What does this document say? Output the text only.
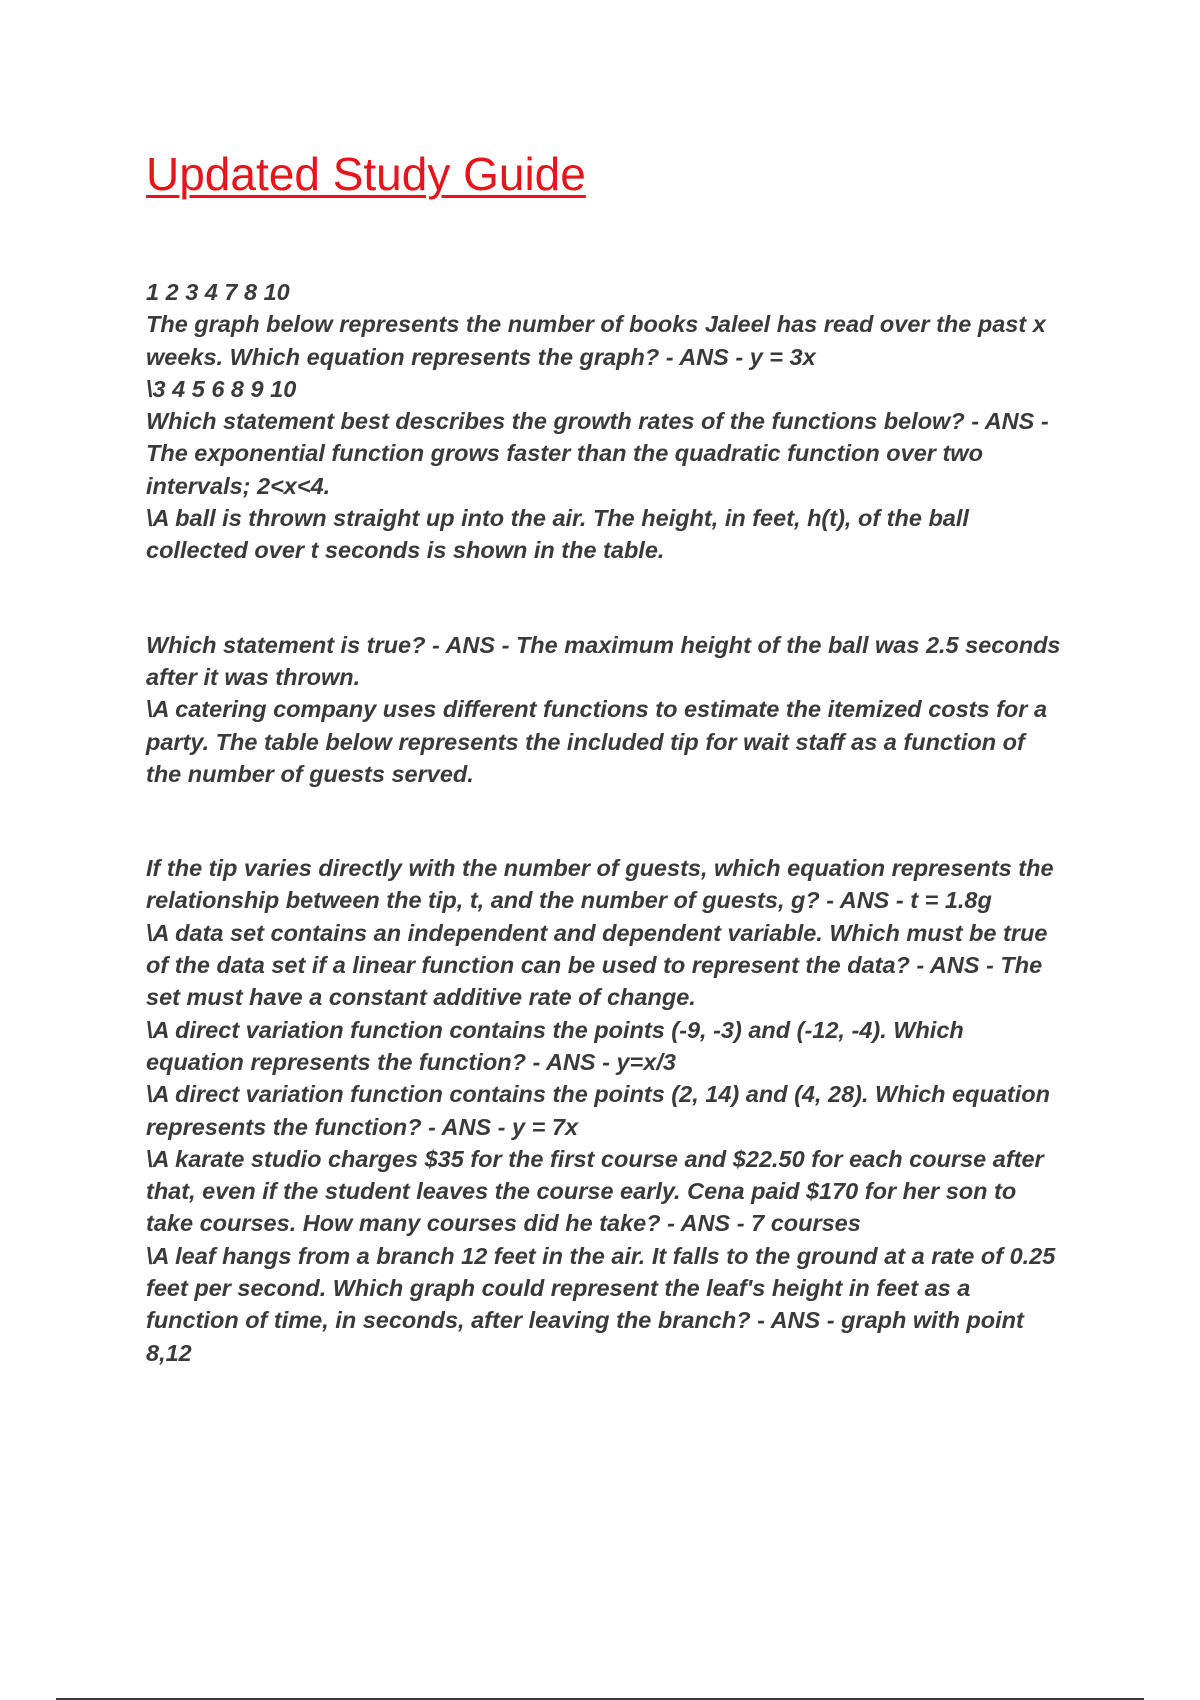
Updated Study Guide
1 2 3 4 7 8 10
The graph below represents the number of books Jaleel has read over the past x
weeks. Which equation represents the graph? - ANS - y = 3x
\3 4 5 6 8 9 10
Which statement best describes the growth rates of the functions below? - ANS -
The exponential function grows faster than the quadratic function over two
intervals; 2<x<4.
\A ball is thrown straight up into the air. The height, in feet, h(t), of the ball
collected over t seconds is shown in the table.
Which statement is true? - ANS - The maximum height of the ball was 2.5 seconds
after it was thrown.
\A catering company uses different functions to estimate the itemized costs for a
party. The table below represents the included tip for wait staff as a function of
the number of guests served.
If the tip varies directly with the number of guests, which equation represents the
relationship between the tip, t, and the number of guests, g? - ANS - t = 1.8g
\A data set contains an independent and dependent variable. Which must be true
of the data set if a linear function can be used to represent the data? - ANS - The
set must have a constant additive rate of change.
\A direct variation function contains the points (-9, -3) and (-12, -4). Which
equation represents the function? - ANS - y=x/3
\A direct variation function contains the points (2, 14) and (4, 28). Which equation
represents the function? - ANS - y = 7x
\A karate studio charges $35 for the first course and $22.50 for each course after
that, even if the student leaves the course early. Cena paid $170 for her son to
take courses. How many courses did he take? - ANS - 7 courses
\A leaf hangs from a branch 12 feet in the air. It falls to the ground at a rate of 0.25
feet per second. Which graph could represent the leaf's height in feet as a
function of time, in seconds, after leaving the branch? - ANS - graph with point
8,12
